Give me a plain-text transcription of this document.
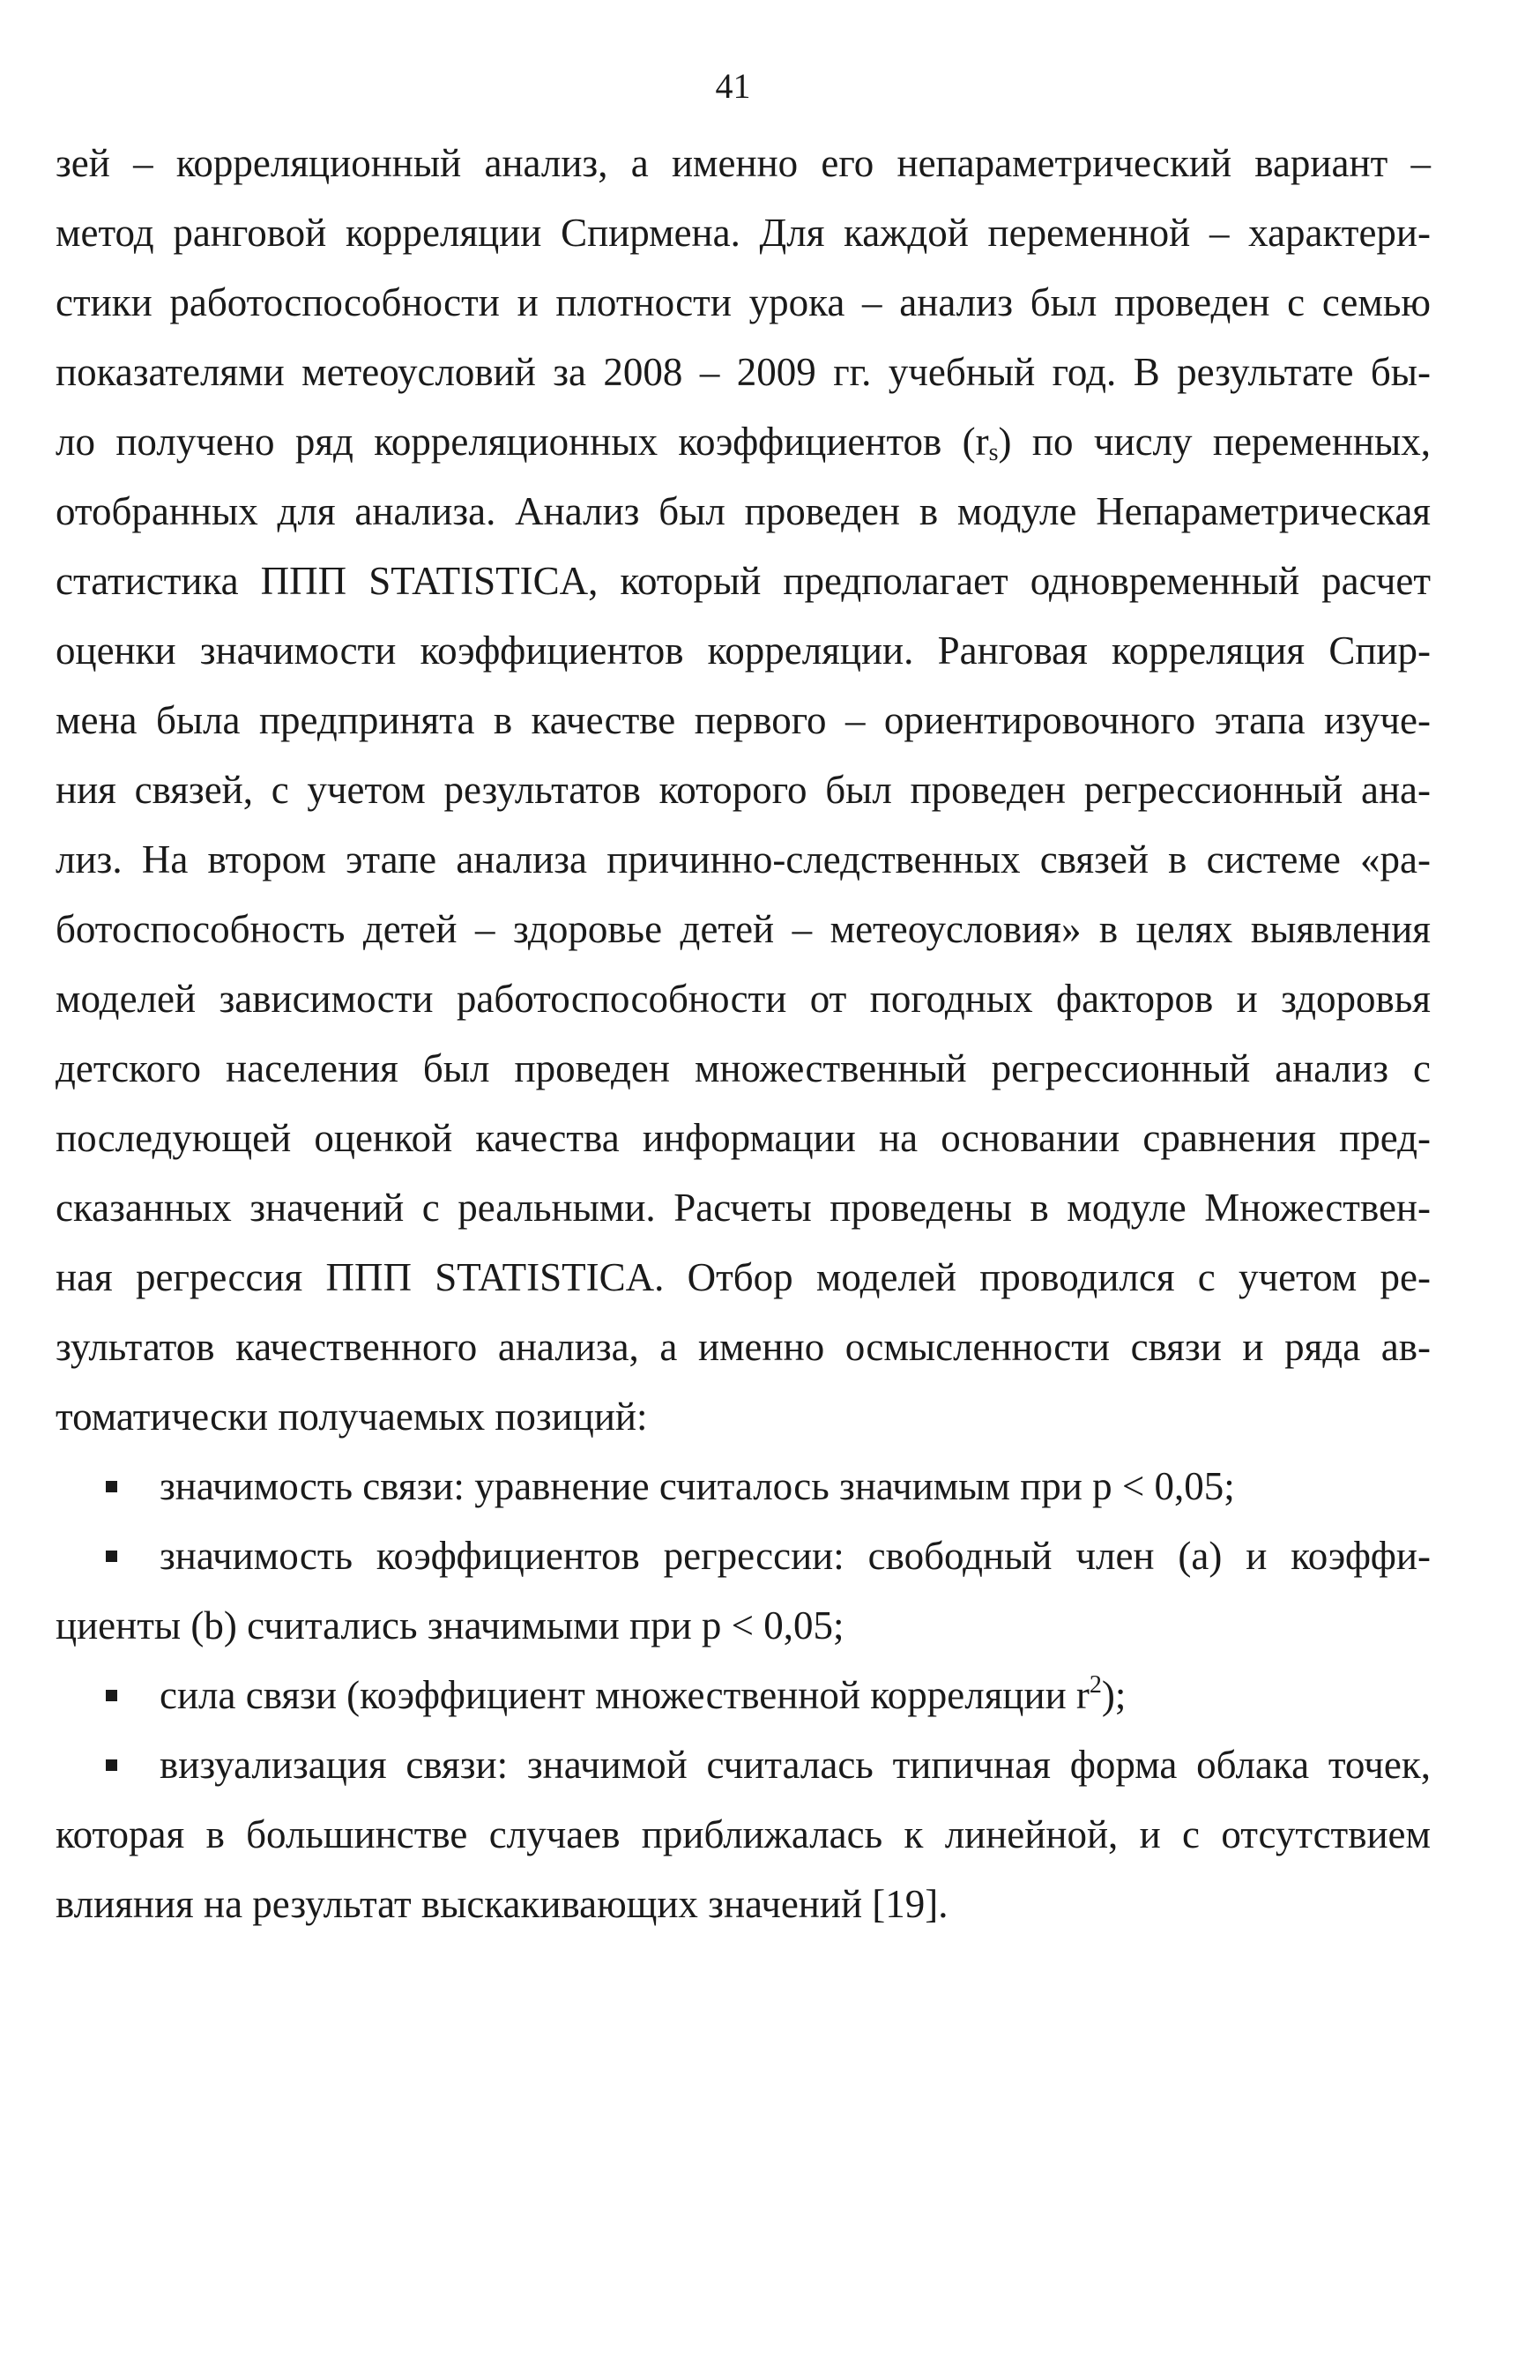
41
зей – корреляционный анализ, а именно его непараметрический вариант –
метод ранговой корреляции Спирмена. Для каждой переменной – характери-
стики работоспособности и плотности урока – анализ был проведен с семью
показателями метеоусловий за 2008 – 2009 гг. учебный год. В результате бы-
ло получено ряд корреляционных коэффициентов $(r_s)$ по числу переменных,
отобранных для анализа. Анализ был проведен в модуле Непараметрическая
статистика ППП STATISTICA, который предполагает одновременный расчет
оценки значимости коэффициентов корреляции. Ранговая корреляция Спир-
мена была предпринята в качестве первого – ориентировочного этапа изуче-
ния связей, с учетом результатов которого был проведен регрессионный ана-
лиз. На втором этапе анализа причинно-следственных связей в системе «ра-
ботоспособность детей – здоровье детей – метеоусловия» в целях выявления
моделей зависимости работоспособности от погодных факторов и здоровья
детского населения был проведен множественный регрессионный анализ с
последующей оценкой качества информации на основании сравнения пред-
сказанных значений с реальными. Расчеты проведены в модуле Множествен-
ная регрессия ППП STATISTICA. Отбор моделей проводился с учетом ре-
зультатов качественного анализа, а именно осмысленности связи и ряда ав-
томатически получаемых позиций:
значимость связи: уравнение считалось значимым при p < 0,05;
значимость коэффициентов регрессии: свободный член (a) и коэффи-
циенты (b) считались значимыми при p < 0,05;
сила связи (коэффициент множественной корреляции $r^2$);
визуализация связи: значимой считалась типичная форма облака точек,
которая в большинстве случаев приближалась к линейной, и с отсутствием
влияния на результат выскакивающих значений [19].
